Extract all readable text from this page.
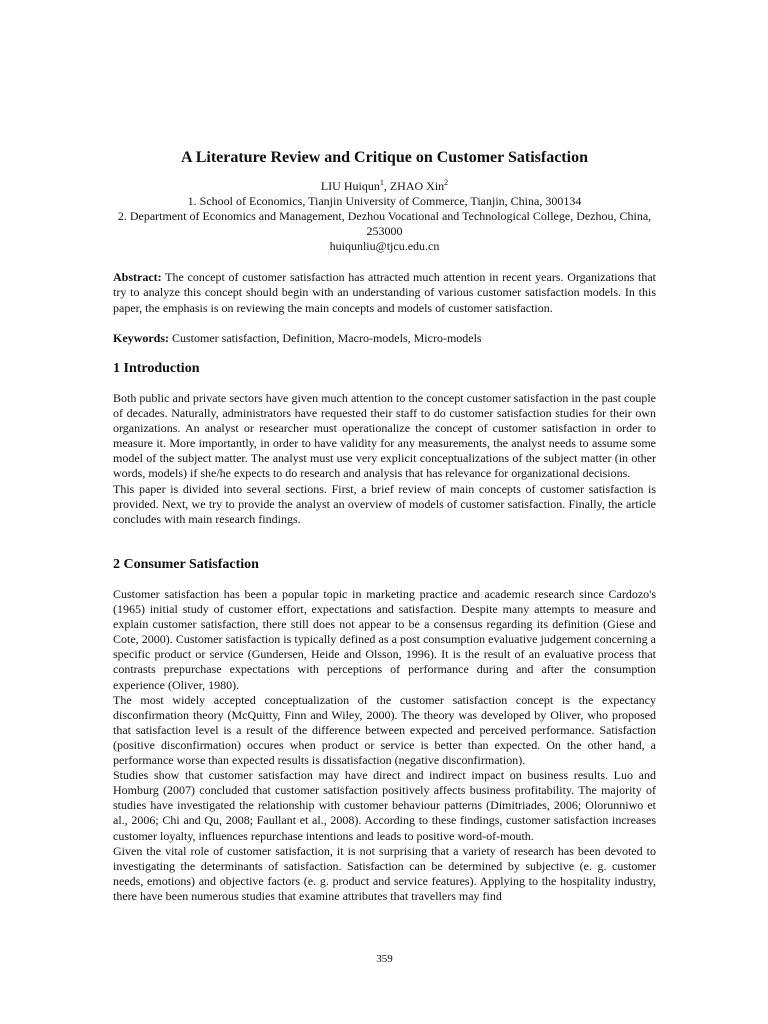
A Literature Review and Critique on Customer Satisfaction
LIU Huiqun$^1$, ZHAO Xin$^2$
1. School of Economics, Tianjin University of Commerce, Tianjin, China, 300134
2. Department of Economics and Management, Dezhou Vocational and Technological College, Dezhou, China, 253000
huiqunliu@tjcu.edu.cn

Abstract: The concept of customer satisfaction has attracted much attention in recent years. Organizations that try to analyze this concept should begin with an understanding of various customer satisfaction models. In this paper, the emphasis is on reviewing the main concepts and models of customer satisfaction.

Keywords: Customer satisfaction, Definition, Macro-models, Micro-models
1 Introduction

Both public and private sectors have given much attention to the concept customer satisfaction in the past couple of decades. Naturally, administrators have requested their staff to do customer satisfaction studies for their own organizations. An analyst or researcher must operationalize the concept of customer satisfaction in order to measure it. More importantly, in order to have validity for any measurements, the analyst needs to assume some model of the subject matter. The analyst must use very explicit conceptualizations of the subject matter (in other words, models) if she/he expects to do research and analysis that has relevance for organizational decisions.

This paper is divided into several sections. First, a brief review of main concepts of customer satisfaction is provided. Next, we try to provide the analyst an overview of models of customer satisfaction. Finally, the article concludes with main research findings.

2 Consumer Satisfaction

Customer satisfaction has been a popular topic in marketing practice and academic research since Cardozo's (1965) initial study of customer effort, expectations and satisfaction. Despite many attempts to measure and explain customer satisfaction, there still does not appear to be a consensus regarding its definition (Giese and Cote, 2000). Customer satisfaction is typically defined as a post consumption evaluative judgement concerning a specific product or service (Gundersen, Heide and Olsson, 1996). It is the result of an evaluative process that contrasts prepurchase expectations with perceptions of performance during and after the consumption experience (Oliver, 1980).

The most widely accepted conceptualization of the customer satisfaction concept is the expectancy disconfirmation theory (McQuitty, Finn and Wiley, 2000). The theory was developed by Oliver, who proposed that satisfaction level is a result of the difference between expected and perceived performance. Satisfaction (positive disconfirmation) occures when product or service is better than expected. On the other hand, a performance worse than expected results is dissatisfaction (negative disconfirmation).

Studies show that customer satisfaction may have direct and indirect impact on business results. Luo and Homburg (2007) concluded that customer satisfaction positively affects business profitability. The majority of studies have investigated the relationship with customer behaviour patterns (Dimitriades, 2006; Olorunniwo et al., 2006; Chi and Qu, 2008; Faullant et al., 2008). According to these findings, customer satisfaction increases customer loyalty, influences repurchase intentions and leads to positive word-of-mouth.

Given the vital role of customer satisfaction, it is not surprising that a variety of research has been devoted to investigating the determinants of satisfaction. Satisfaction can be determined by subjective (e. g. customer needs, emotions) and objective factors (e. g. product and service features). Applying to the hospitality industry, there have been numerous studies that examine attributes that travellers may find

359
